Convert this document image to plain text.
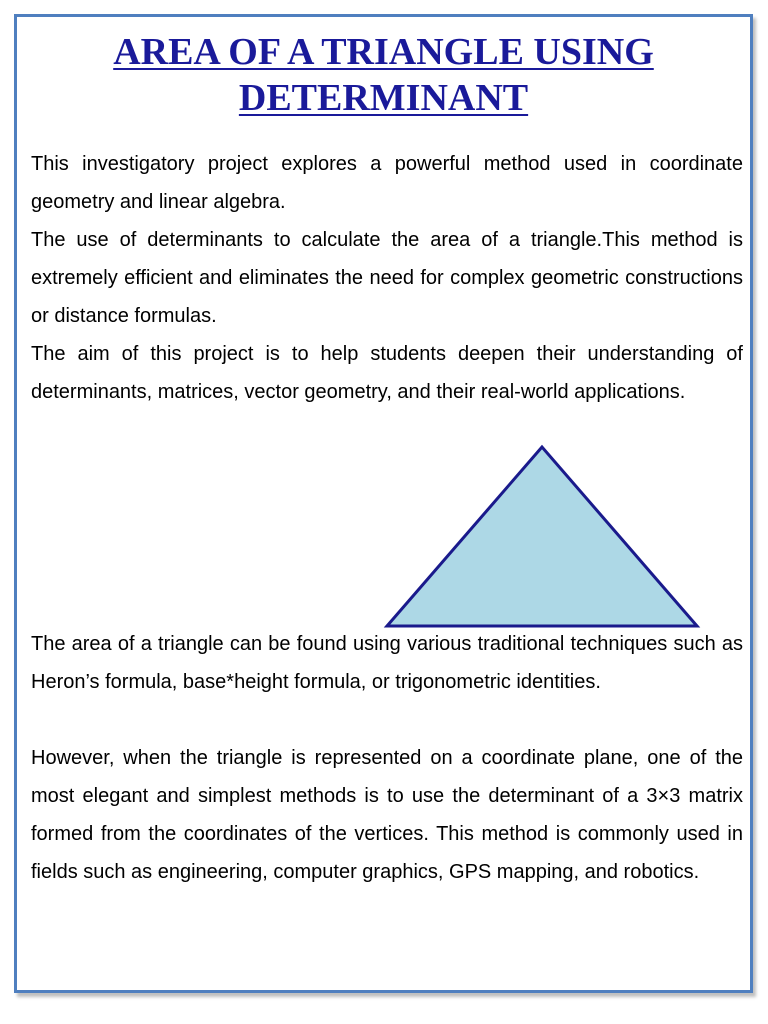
AREA OF A TRIANGLE USING
DETERMINANT

This investigatory project explores a powerful method used in coordinate geometry and linear algebra.

The use of determinants to calculate the area of a triangle.This method is extremely efficient and eliminates the need for complex geometric constructions or distance formulas.

The aim of this project is to help students deepen their understanding of determinants, matrices, vector geometry, and their real-world applications.

The area of a triangle can be found using various traditional techniques such as Heron’s formula, base*height formula, or trigonometric identities.

However, when the triangle is represented on a coordinate plane, one of the most elegant and simplest methods is to use the determinant of a 3×3 matrix formed from the coordinates of the vertices. This method is commonly used in fields such as engineering, computer graphics, GPS mapping, and robotics.
